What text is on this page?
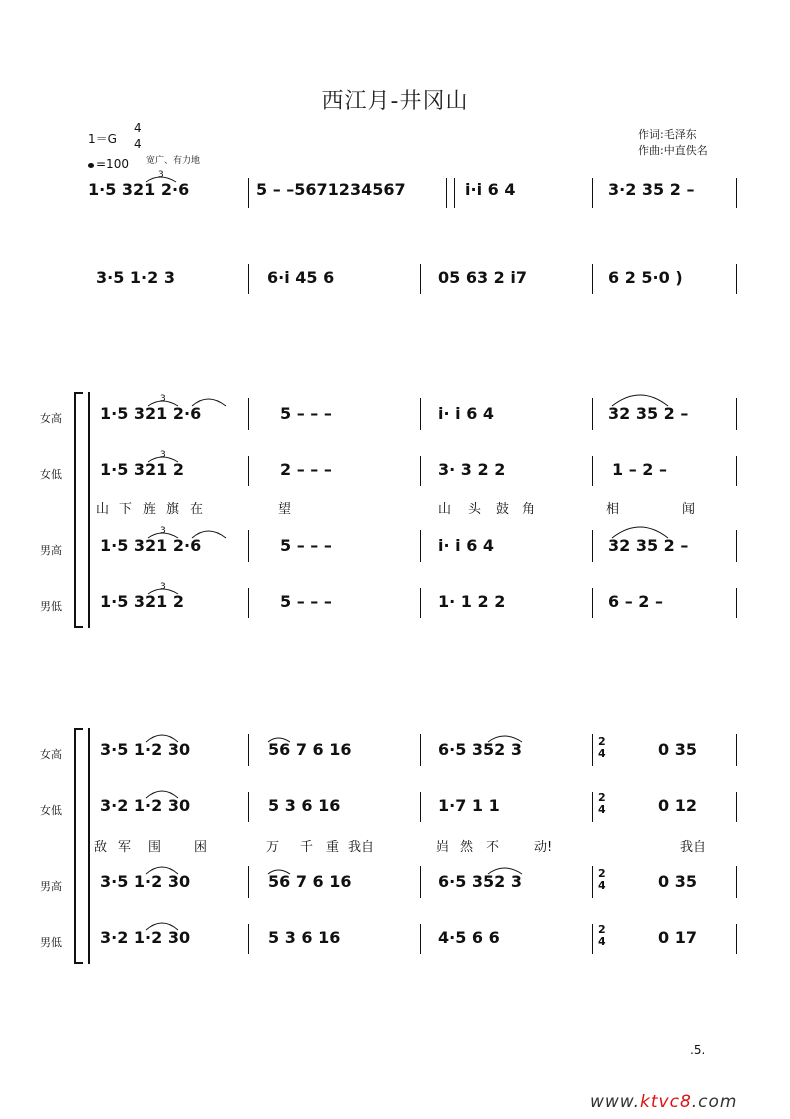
西江月-井冈山
1＝G
4
4
=100 宽广、有力地
作词:毛泽东
作曲:中直佚名
1·5 321 2·6	5 – –5671234567	i·i 6 4	3·2 35 2 –
3·5 1·2 3	6·i 45 6	05 63 2 i7	6 2 5·0 )
女高
女低
男高
男低
1·5 321 2·6	5 – – –	i· i 6 4	32 35 2 –
1·5 321 2	2 – – –	3· 3 2 2	1 – 2 –
山 下 旌 旗 在	望	山 头 鼓 角	相	闻
1·5 321 2·6	5 – – –	i· i 6 4	32 35 2 –
1·5 321 2	5 – – –	1· 1 2 2	6 – 2 –
女高
女低
男高
男低
3·5 1·2 30	56 7 6 16	6·5 352 3	0 35
3·2 1·2 30	5 3 6 16	1·7 1 1	0 12
敌 军 围	困	万 千 重 我自	岿 然 不	动!	我自
3·5 1·2 30	56 7 6 16	6·5 352 3	0 35
3·2 1·2 30	5 3 6 16	4·5 6 6	0 17
2
4
2
4
2
4
2
4
3
3
3
3
3
.5.
www.ktvc8.com
